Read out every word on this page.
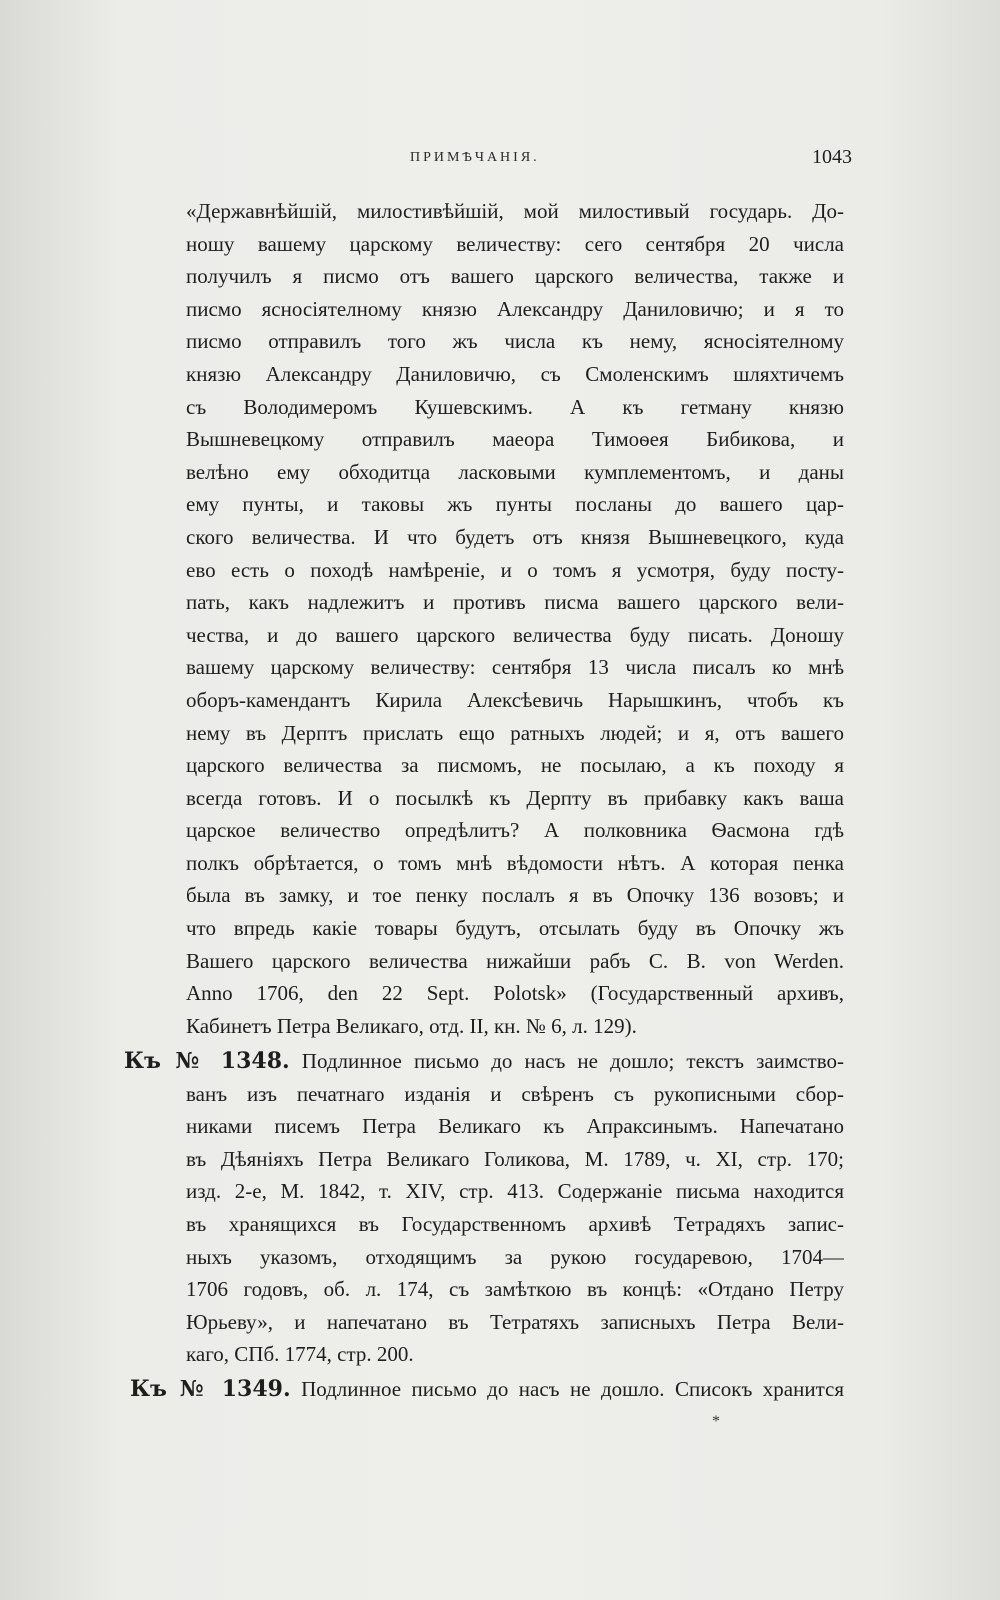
ПРИМѢЧАНІЯ.	1043
«Державнѣйшій, милостивѣйшій, мой милостивый государь. До-
ношу вашему царскому величеству: сего сентября 20 числа
получилъ я писмо отъ вашего царского величества, также и
писмо ясносіятелному князю Александру Даниловичю; и я то
писмо отправилъ того жъ числа къ нему, ясносіятелному
князю Александру Даниловичю, съ Смоленскимъ шляхтичемъ
съ Володимеромъ Кушевскимъ. А къ гетману князю
Вышневецкому отправилъ маеора Тимоѳея Бибикова, и
велѣно ему обходитца ласковыми кумплементомъ, и даны
ему пунты, и таковы жъ пунты посланы до вашего цар-
ского величества. И что будетъ отъ князя Вышневецкого, куда
ево есть о походѣ намѣреніе, и о томъ я усмотря, буду посту-
пать, какъ надлежитъ и противъ писма вашего царского вели-
чества, и до вашего царского величества буду писать. Доношу
вашему царскому величеству: сентября 13 числа писалъ ко мнѣ
оборъ-камендантъ Кирила Алексѣевичь Нарышкинъ, чтобъ къ
нему въ Дерптъ прислать ещо ратныхъ людей; и я, отъ вашего
царского величества за писмомъ, не посылаю, а къ походу я
всегда готовъ. И о посылкѣ къ Дерпту въ прибавку какъ ваша
царское величество опредѣлитъ? А полковника Ѳасмона гдѣ
полкъ обрѣтается, о томъ мнѣ вѣдомости нѣтъ. А которая пенка
была въ замку, и тое пенку послалъ я въ Опочку 136 возовъ; и
что впредь какіе товары будутъ, отсылать буду въ Опочку жъ
Вашего царского величества нижайши рабъ С. В. von Werden.
Anno 1706, den 22 Sept. Polotsk» (Государственный архивъ,
Кабинетъ Петра Великаго, отд. II, кн. № 6, л. 129).
Къ № 1348. Подлинное письмо до насъ не дошло; текстъ заимство-
ванъ изъ печатнаго изданія и свѣренъ съ рукописными сбор-
никами писемъ Петра Великаго къ Апраксинымъ. Напечатано
въ Дѣяніяхъ Петра Великаго Голикова, М. 1789, ч. XI, стр. 170;
изд. 2-е, М. 1842, т. XIV, стр. 413. Содержаніе письма находится
въ хранящихся въ Государственномъ архивѣ Тетрадяхъ запис-
ныхъ указомъ, отходящимъ за рукою государевою, 1704—
1706 годовъ, об. л. 174, съ замѣткою въ концѣ: «Отдано Петру
Юрьеву», и напечатано въ Тетратяхъ записныхъ Петра Вели-
каго, СПб. 1774, стр. 200.
Къ № 1349. Подлинное письмо до насъ не дошло. Списокъ хранится
*
